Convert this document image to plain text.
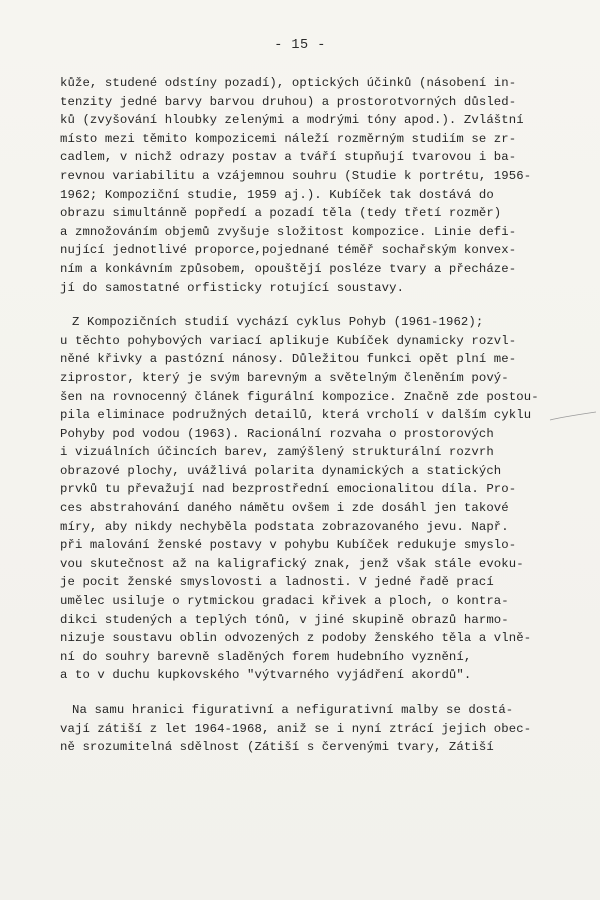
- 15 -
kůže, studené odstíny pozadí), optických účinků (násobení in-
tenzity jedné barvy barvou druhou) a prostorotvorných důsled-
ků (zvyšování hloubky zelenými a modrými tóny apod.). Zvláštní
místo mezi těmito kompozicemi náleží rozměrným studiím se zr-
cadlem, v nichž odrazy postav a tváří stupňují tvarovou i ba-
revnou variabilitu a vzájemnou souhru (Studie k portrétu, 1956-
1962; Kompoziční studie, 1959 aj.). Kubíček tak dostává do
obrazu simultánně popředí a pozadí těla (tedy třetí rozměr)
a zmnožováním objemů zvyšuje složitost kompozice. Linie defi-
nující jednotlivé proporce,pojednané téměř sochařským konvex-
ním a konkávním způsobem, opouštějí posléze tvary a přecháze-
jí do samostatné orfisticky rotující soustavy.
Z Kompozičních studií vychází cyklus Pohyb (1961-1962);
u těchto pohybových variací aplikuje Kubíček dynamicky rozvl-
něné křivky a pastózní nánosy. Důležitou funkci opět plní me-
ziprostor, který je svým barevným a světelným členěním pový-
šen na rovnocenný článek figurální kompozice. Značně zde postou-
pila eliminace podružných detailů, která vrcholí v dalším cyklu
Pohyby pod vodou (1963). Racionální rozvaha o prostorových
i vizuálních účincích barev, zamýšlený strukturální rozvrh
obrazové plochy, uvážlivá polarita dynamických a statických
prvků tu převažují nad bezprostřední emocionalitou díla. Pro-
ces abstrahování daného námětu ovšem i zde dosáhl jen takové
míry, aby nikdy nechyběla podstata zobrazovaného jevu. Např.
při malování ženské postavy v pohybu Kubíček redukuje smyslo-
vou skutečnost až na kaligrafický znak, jenž však stále evoku-
je pocit ženské smyslovosti a ladnosti. V jedné řadě prací
umělec usiluje o rytmickou gradaci křivek a ploch, o kontra-
dikci studených a teplých tónů, v jiné skupině obrazů harmo-
nizuje soustavu oblin odvozených z podoby ženského těla a vlně-
ní do souhry barevně sladěných forem hudebního vyznění,
a to v duchu kupkovského "výtvarného vyjádření akordů".
Na samu hranici figurativní a nefigurativní malby se dostá-
vají zátiší z let 1964-1968, aniž se i nyní ztrácí jejich obec-
ně srozumitelná sdělnost (Zátiší s červenými tvary, Zátiší
